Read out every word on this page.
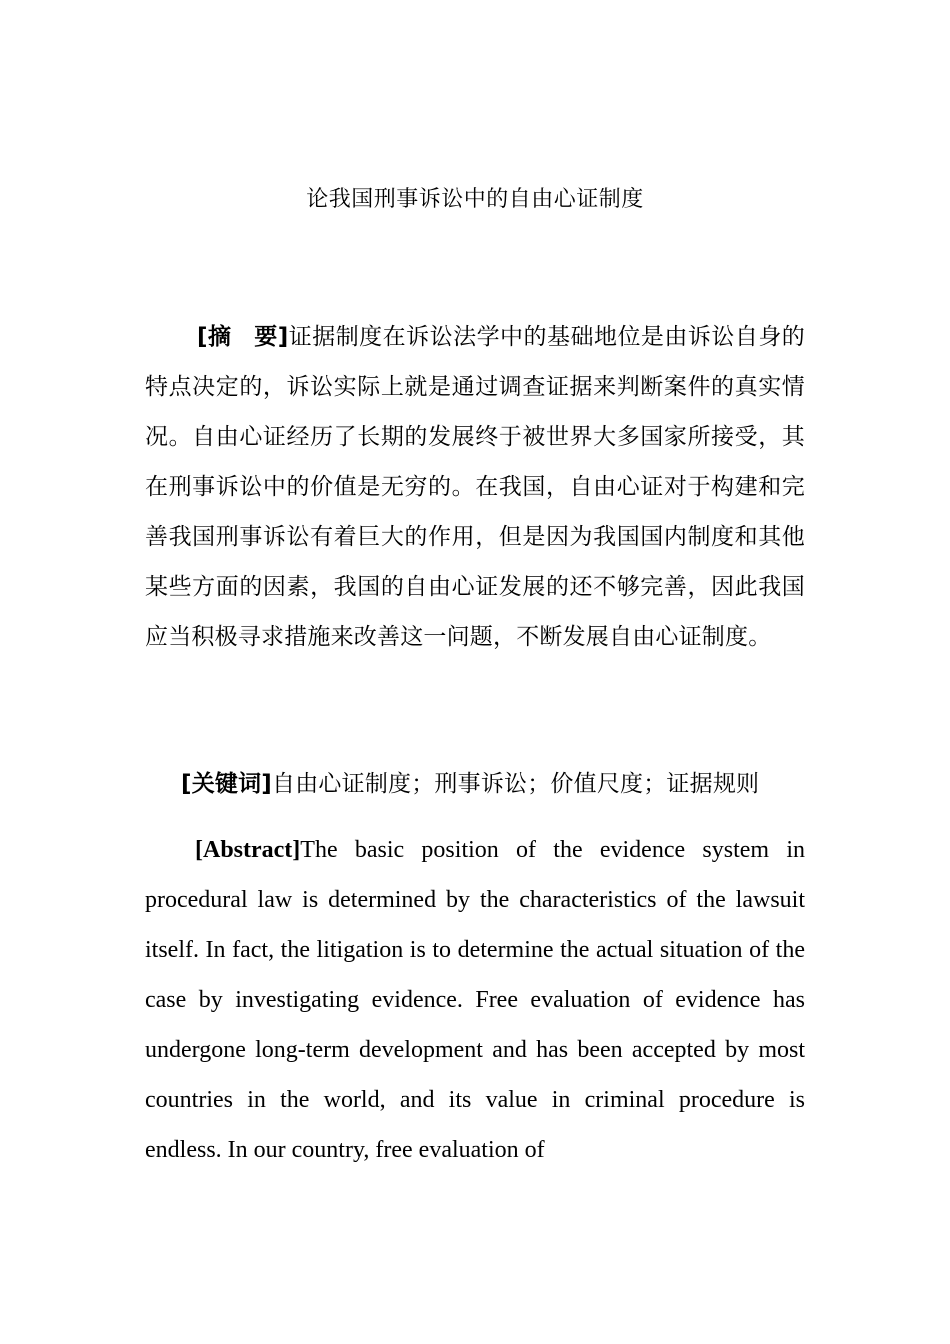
论我国刑事诉讼中的自由心证制度
[摘 要]证据制度在诉讼法学中的基础地位是由诉讼自身的特点决定的，诉讼实际上就是通过调查证据来判断案件的真实情况。自由心证经历了长期的发展终于被世界大多国家所接受，其在刑事诉讼中的价值是无穷的。在我国，自由心证对于构建和完善我国刑事诉讼有着巨大的作用，但是因为我国国内制度和其他某些方面的因素，我国的自由心证发展的还不够完善，因此我国应当积极寻求措施来改善这一问题，不断发展自由心证制度。
[关键词]自由心证制度；刑事诉讼；价值尺度；证据规则
[Abstract]The basic position of the evidence system in procedural law is determined by the characteristics of the lawsuit itself. In fact, the litigation is to determine the actual situation of the case by investigating evidence. Free evaluation of evidence has undergone long-term development and has been accepted by most countries in the world, and its value in criminal procedure is endless. In our country, free evaluation of
